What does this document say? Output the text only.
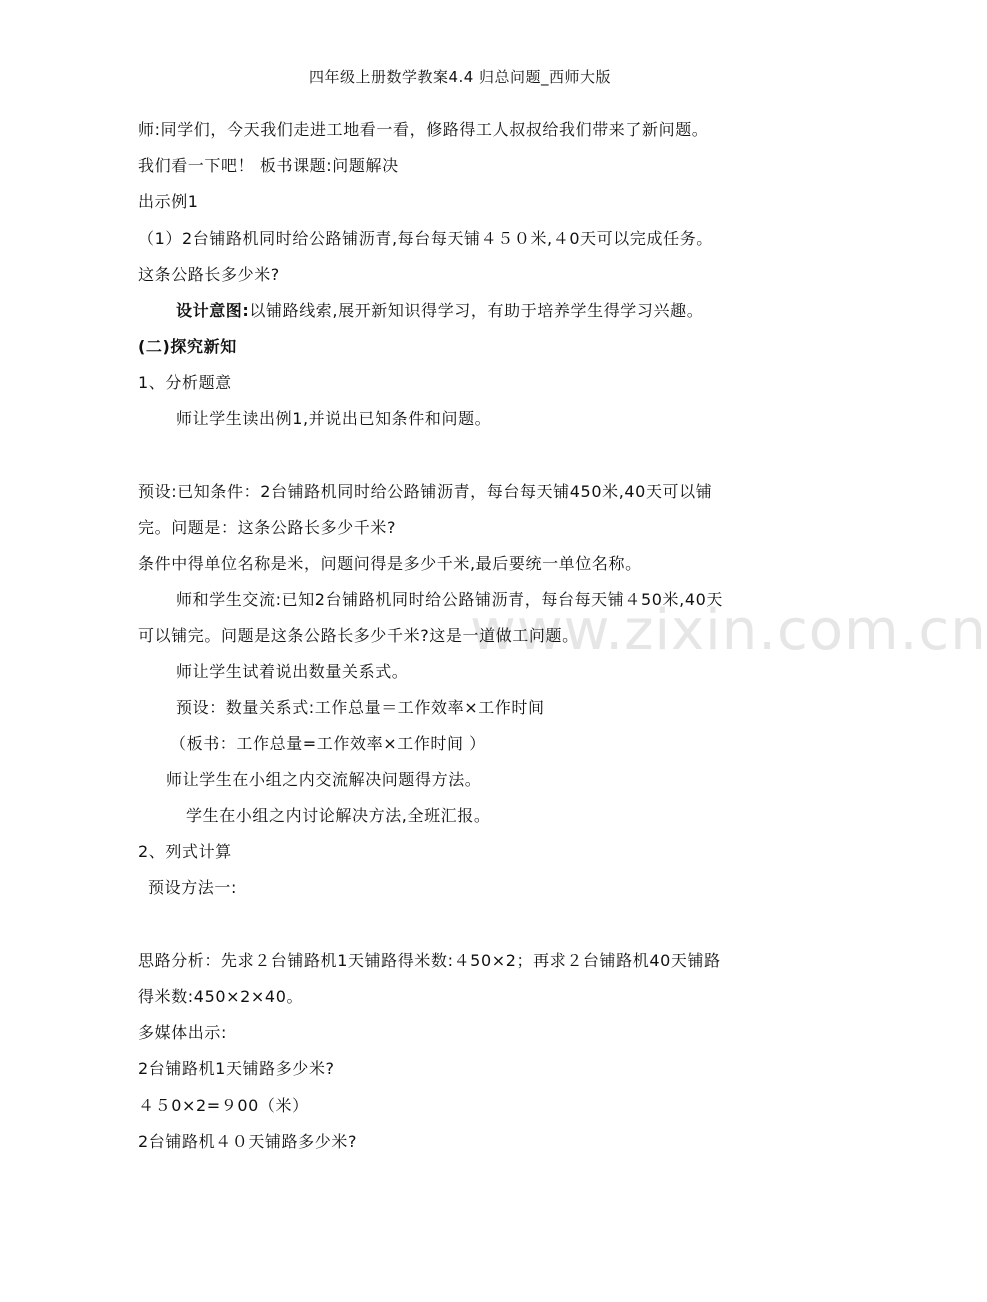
www.zixin.com.cn
四年级上册数学教案4.4 归总问题_西师大版
师:同学们，今天我们走进工地看一看，修路得工人叔叔给我们带来了新问题。
我们看一下吧！ 板书课题:问题解决
出示例1
（1）2台铺路机同时给公路铺沥青,每台每天铺４５０米,４0天可以完成任务。
这条公路长多少米?
设计意图:以铺路线索,展开新知识得学习，有助于培养学生得学习兴趣。
(二)探究新知
1、分析题意
师让学生读出例1,并说出已知条件和问题。
预设:已知条件：2台铺路机同时给公路铺沥青，每台每天铺450米,40天可以铺
完。问题是：这条公路长多少千米?
条件中得单位名称是米，问题问得是多少千米,最后要统一单位名称。
师和学生交流:已知2台铺路机同时给公路铺沥青，每台每天铺４50米,40天
可以铺完。问题是这条公路长多少千米?这是一道做工问题。
师让学生试着说出数量关系式。
预设：数量关系式:工作总量＝工作效率×工作时间
（板书：工作总量=工作效率×工作时间 ）
师让学生在小组之内交流解决问题得方法。
学生在小组之内讨论解决方法,全班汇报。
2、列式计算
预设方法一:
思路分析：先求２台铺路机1天铺路得米数:４50×2；再求２台铺路机40天铺路
得米数:450×2×40。
多媒体出示:
2台铺路机1天铺路多少米?
４５0×2=９00（米）
2台铺路机４０天铺路多少米?
